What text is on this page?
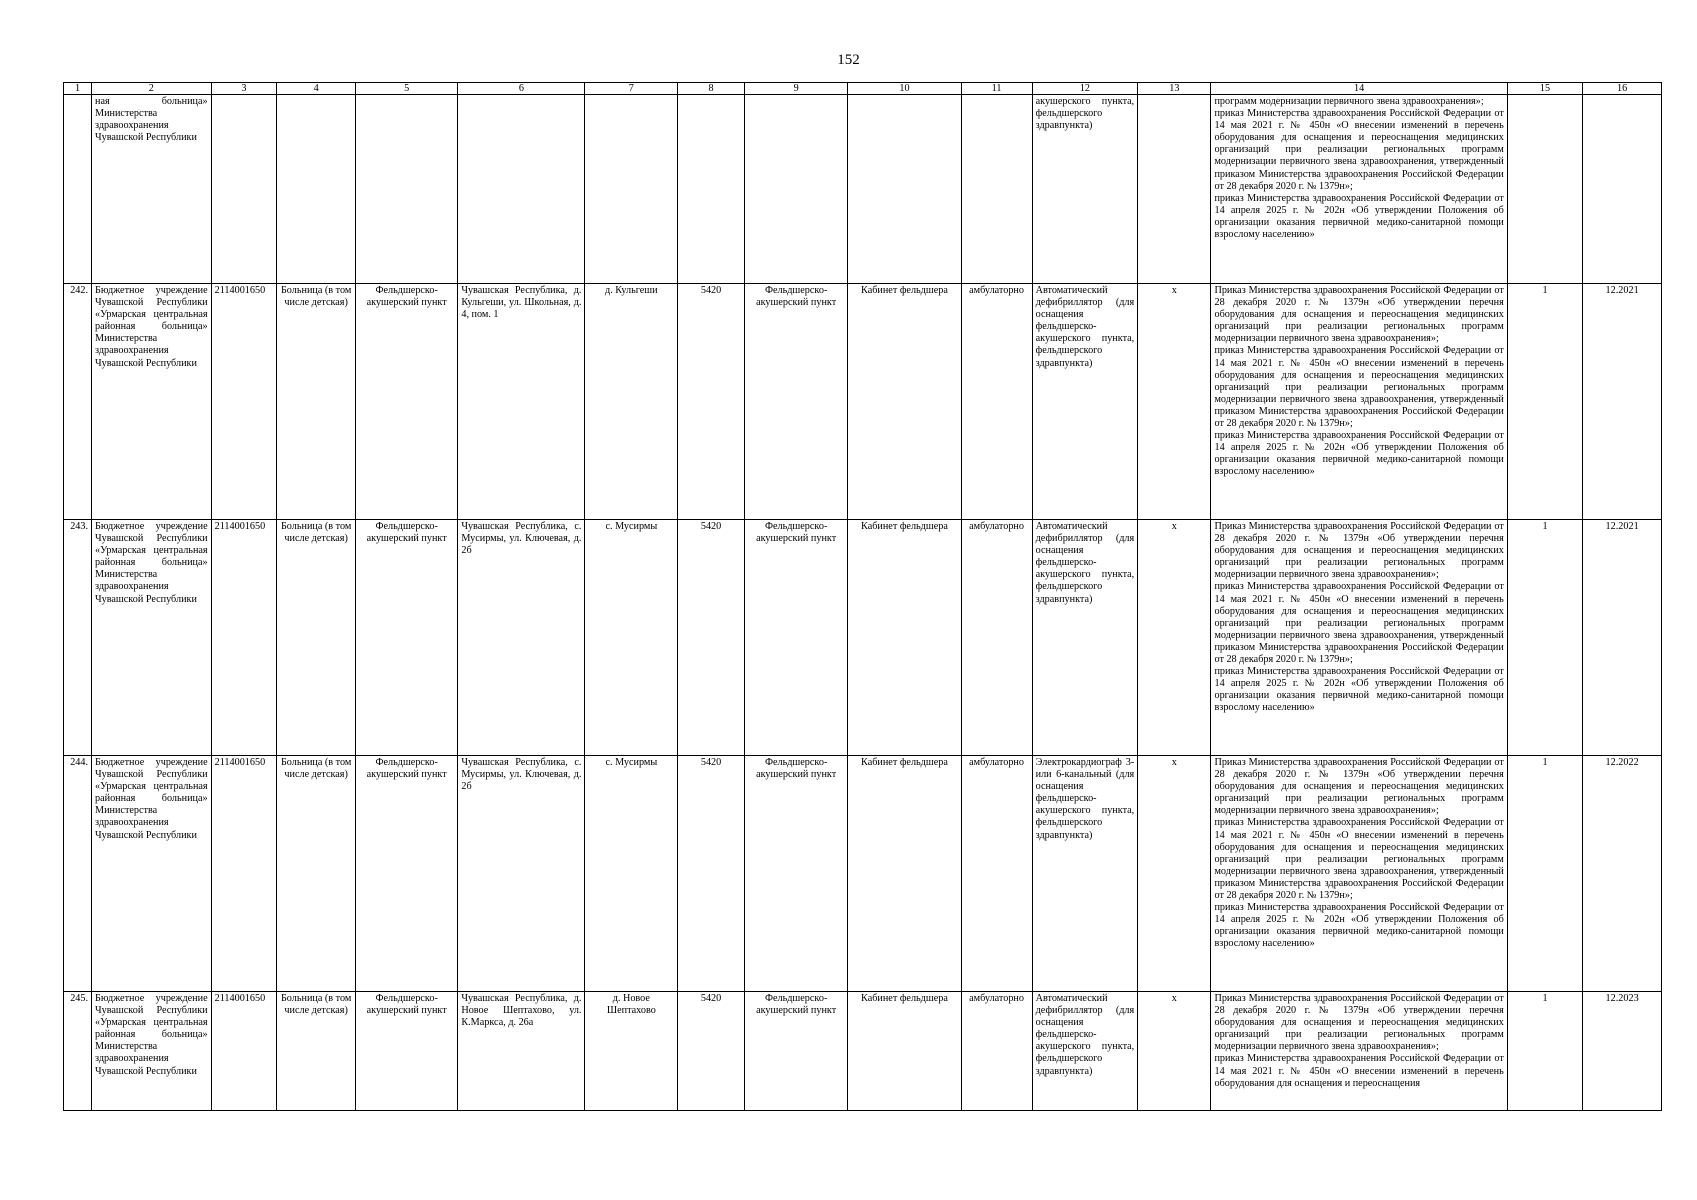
152
1	2	3	4	5	6	7	8	9	10	11	12	13	14	15	16
	ная больница» Министерства здравоохранения Чувашской Республики										акушерского пункта, фельдшерского здравпункта)		программ модернизации первичного звена здравоохранения»;
приказ Министерства здравоохранения Российской Федерации от 14 мая 2021 г. № 450н «О внесении изменений в перечень оборудования для оснащения и переоснащения медицинских организаций при реализации региональных программ модернизации первичного звена здравоохранения, утвержденный приказом Министерства здравоохранения Российской Федерации от 28 декабря 2020 г. № 1379н»;
приказ Министерства здравоохранения Российской Федерации от 14 апреля 2025 г. № 202н «Об утверждении Положения об организации оказания первичной медико-санитарной помощи взрослому населению»		

242.	Бюджетное учреждение Чувашской Республики «Урмарская центральная районная больница» Министерства здравоохранения Чувашской Республики	2114001650	Больница (в том числе детская)	Фельдшерско-акушерский пункт	Чувашская Республика, д. Кульгеши, ул. Школьная, д. 4, пом. 1	д. Кульгеши	5420	Фельдшерско-акушерский пункт	Кабинет фельдшера	амбулаторно	Автоматический дефибриллятор (для оснащения фельдшерско-акушерского пункта, фельдшерского здравпункта)	х	Приказ Министерства здравоохранения Российской Федерации от 28 декабря 2020 г. № 1379н «Об утверждении перечня оборудования для оснащения и переоснащения медицинских организаций при реализации региональных программ модернизации первичного звена здравоохранения»;
приказ Министерства здравоохранения Российской Федерации от 14 мая 2021 г. № 450н «О внесении изменений в перечень оборудования для оснащения и переоснащения медицинских организаций при реализации региональных программ модернизации первичного звена здравоохранения, утвержденный приказом Министерства здравоохранения Российской Федерации от 28 декабря 2020 г. № 1379н»;
приказ Министерства здравоохранения Российской Федерации от 14 апреля 2025 г. № 202н «Об утверждении Положения об организации оказания первичной медико-санитарной помощи взрослому населению»	1	12.2021
243.	Бюджетное учреждение Чувашской Республики «Урмарская центральная районная больница» Министерства здравоохранения Чувашской Республики	2114001650	Больница (в том числе детская)	Фельдшерско-акушерский пункт	Чувашская Республика, с. Мусирмы, ул. Ключевая, д. 2б	с. Мусирмы	5420	Фельдшерско-акушерский пункт	Кабинет фельдшера	амбулаторно	Автоматический дефибриллятор (для оснащения фельдшерско-акушерского пункта, фельдшерского здравпункта)	х	Приказ Министерства здравоохранения Российской Федерации от 28 декабря 2020 г. № 1379н «Об утверждении перечня оборудования для оснащения и переоснащения медицинских организаций при реализации региональных программ модернизации первичного звена здравоохранения»;
приказ Министерства здравоохранения Российской Федерации от 14 мая 2021 г. № 450н «О внесении изменений в перечень оборудования для оснащения и переоснащения медицинских организаций при реализации региональных программ модернизации первичного звена здравоохранения, утвержденный приказом Министерства здравоохранения Российской Федерации от 28 декабря 2020 г. № 1379н»;
приказ Министерства здравоохранения Российской Федерации от 14 апреля 2025 г. № 202н «Об утверждении Положения об организации оказания первичной медико-санитарной помощи взрослому населению»	1	12.2021
244.	Бюджетное учреждение Чувашской Республики «Урмарская центральная районная больница» Министерства здравоохранения Чувашской Республики	2114001650	Больница (в том числе детская)	Фельдшерско-акушерский пункт	Чувашская Республика, с. Мусирмы, ул. Ключевая, д. 2б	с. Мусирмы	5420	Фельдшерско-акушерский пункт	Кабинет фельдшера	амбулаторно	Электрокардиограф 3- или 6-канальный (для оснащения фельдшерско-акушерского пункта, фельдшерского здравпункта)	х	Приказ Министерства здравоохранения Российской Федерации от 28 декабря 2020 г. № 1379н «Об утверждении перечня оборудования для оснащения и переоснащения медицинских организаций при реализации региональных программ модернизации первичного звена здравоохранения»;
приказ Министерства здравоохранения Российской Федерации от 14 мая 2021 г. № 450н «О внесении изменений в перечень оборудования для оснащения и переоснащения медицинских организаций при реализации региональных программ модернизации первичного звена здравоохранения, утвержденный приказом Министерства здравоохранения Российской Федерации от 28 декабря 2020 г. № 1379н»;
приказ Министерства здравоохранения Российской Федерации от 14 апреля 2025 г. № 202н «Об утверждении Положения об организации оказания первичной медико-санитарной помощи взрослому населению»	1	12.2022
245.	Бюджетное учреждение Чувашской Республики «Урмарская центральная районная больница» Министерства здравоохранения Чувашской Республики	2114001650	Больница (в том числе детская)	Фельдшерско-акушерский пункт	Чувашская Республика, д. Новое Шептахово, ул. К.Маркса, д. 26а	д. Новое Шептахово	5420	Фельдшерско-акушерский пункт	Кабинет фельдшера	амбулаторно	Автоматический дефибриллятор (для оснащения фельдшерско-акушерского пункта, фельдшерского здравпункта)	х	Приказ Министерства здравоохранения Российской Федерации от 28 декабря 2020 г. № 1379н «Об утверждении перечня оборудования для оснащения и переоснащения медицинских организаций при реализации региональных программ модернизации первичного звена здравоохранения»;
приказ Министерства здравоохранения Российской Федерации от 14 мая 2021 г. № 450н «О внесении изменений в перечень оборудования для оснащения и переоснащения	1	12.2023
